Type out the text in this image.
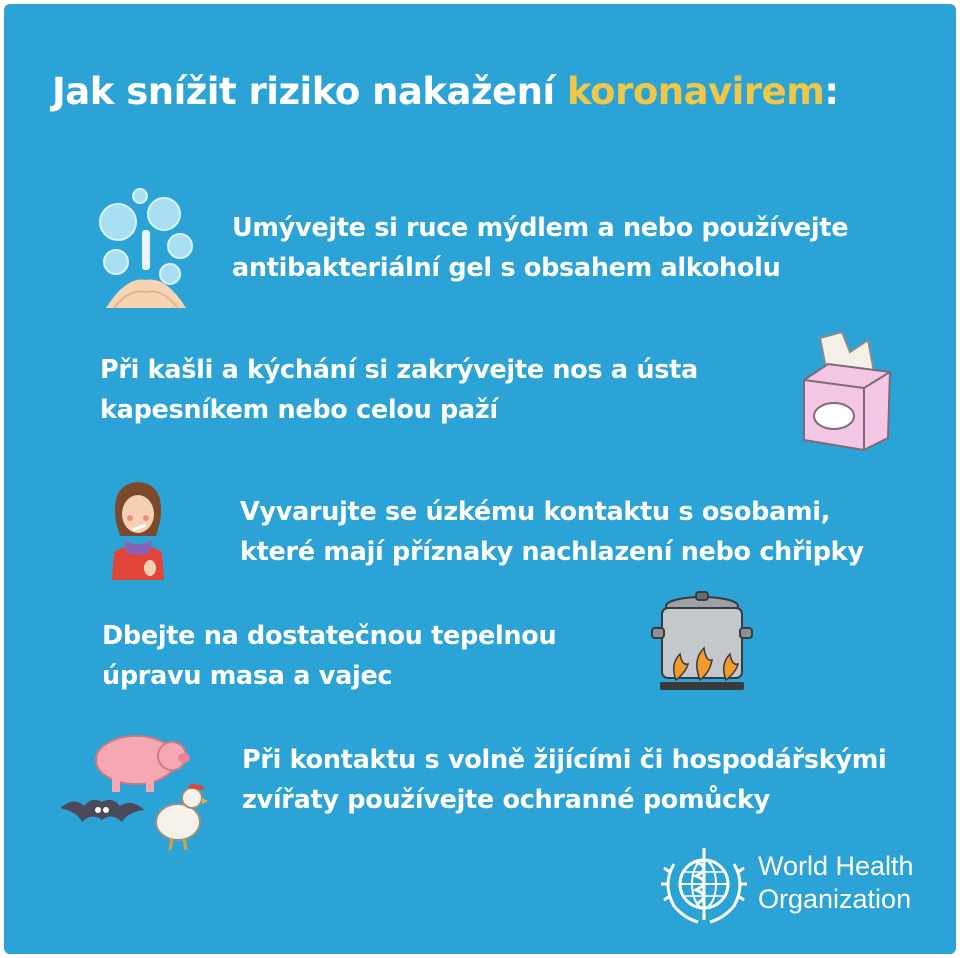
Jak snížit riziko nakažení koronavirem:
Umývejte si ruce mýdlem a nebo používejte
antibakteriální gel s obsahem alkoholu
Při kašli a kýchání si zakrývejte nos a ústa
kapesníkem nebo celou paží
Vyvarujte se úzkému kontaktu s osobami,
které mají příznaky nachlazení nebo chřipky
Dbejte na dostatečnou tepelnou
úpravu masa a vajec
Při kontaktu s volně žijícími či hospodářskými
zvířaty používejte ochranné pomůcky
World Health
Organization
